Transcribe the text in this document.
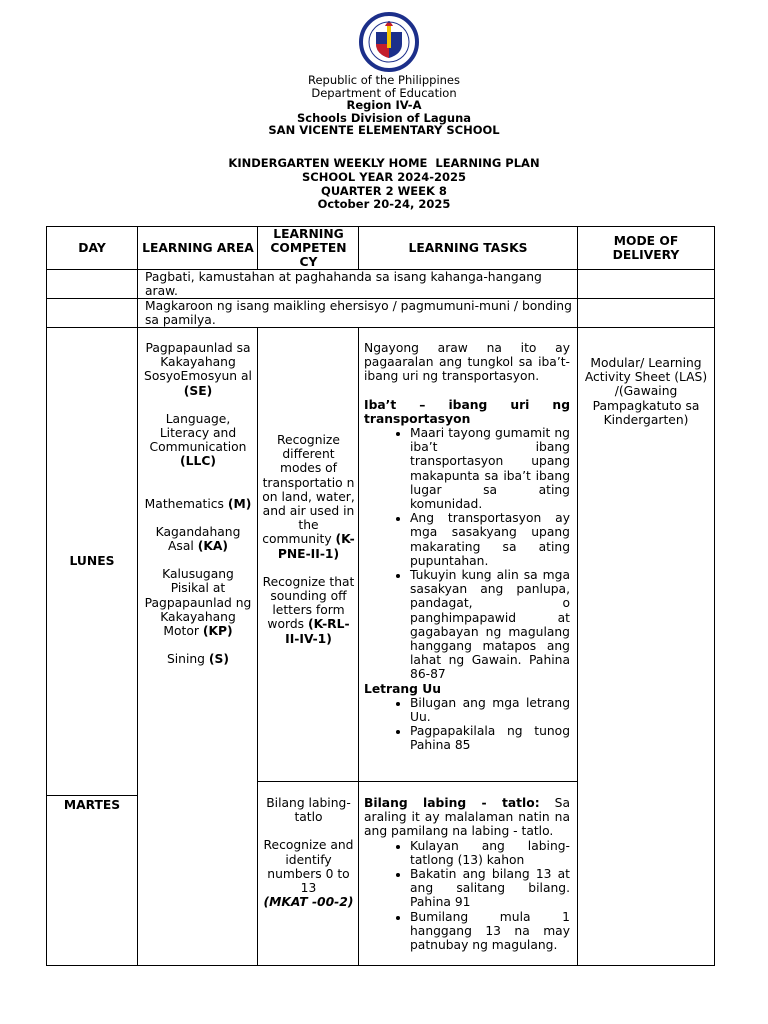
Republic of the Philippines
Department of Education
Region IV-A
Schools Division of Laguna
SAN VICENTE ELEMENTARY SCHOOL
KINDERGARTEN WEEKLY HOME  LEARNING PLAN
SCHOOL YEAR 2024-2025
QUARTER 2 WEEK 8
October 20-24, 2025
DAY	LEARNING AREA
LEARNING COMPETEN CY
LEARNING TASKS
MODE OF DELIVERY
Pagbati, kamustahan at paghahanda sa isang kahanga-hangang araw.
Magkaroon ng isang maikling ehersisyo / pagmumuni-muni / bonding sa pamilya.
LUNES
Pagpapaunlad sa Kakayahang SosyoEmosyun al (SE)
Language, Literacy and Communication (LLC)
Mathematics (M)
Kagandahang Asal (KA)
Kalusugang Pisikal at Pagpapaunlad ng Kakayahang Motor (KP)
Sining (S)
Recognize different modes of transportatio n on land, water, and air used in the community (K-PNE-II-1)
Recognize that sounding off letters form words (K-RL-II-IV-1)
Ngayong araw na ito ay pagaaralan ang tungkol sa iba’t-ibang uri ng transportasyon.
Iba’t – ibang uri ng transportasyon
• Maari tayong gumamit ng iba’t ibang transportasyon upang makapunta sa iba’t ibang lugar sa ating komunidad.
• Ang transportasyon ay mga sasakyang upang makarating sa ating pupuntahan.
• Tukuyin kung alin sa mga sasakyan ang panlupa, pandagat, o panghimpapawid at gagabayan ng magulang hanggang matapos ang lahat ng Gawain. Pahina 86-87
Letrang Uu
• Bilugan ang mga letrang Uu.
• Pagpapakilala ng tunog Pahina 85
Modular/ Learning Activity Sheet (LAS) /(Gawaing Pampagkatuto sa Kindergarten)
MARTES	Bilang labing-tatlo
Recognize and identify numbers 0 to 13
(MKAT -00-2)
Bilang labing - tatlo: Sa araling it ay malalaman natin na ang pamilang na labing - tatlo.
• Kulayan ang labing-tatlong (13) kahon
• Bakatin ang bilang 13 at ang salitang bilang. Pahina 91
• Bumilang mula 1 hanggang 13 na may patnubay ng magulang.
